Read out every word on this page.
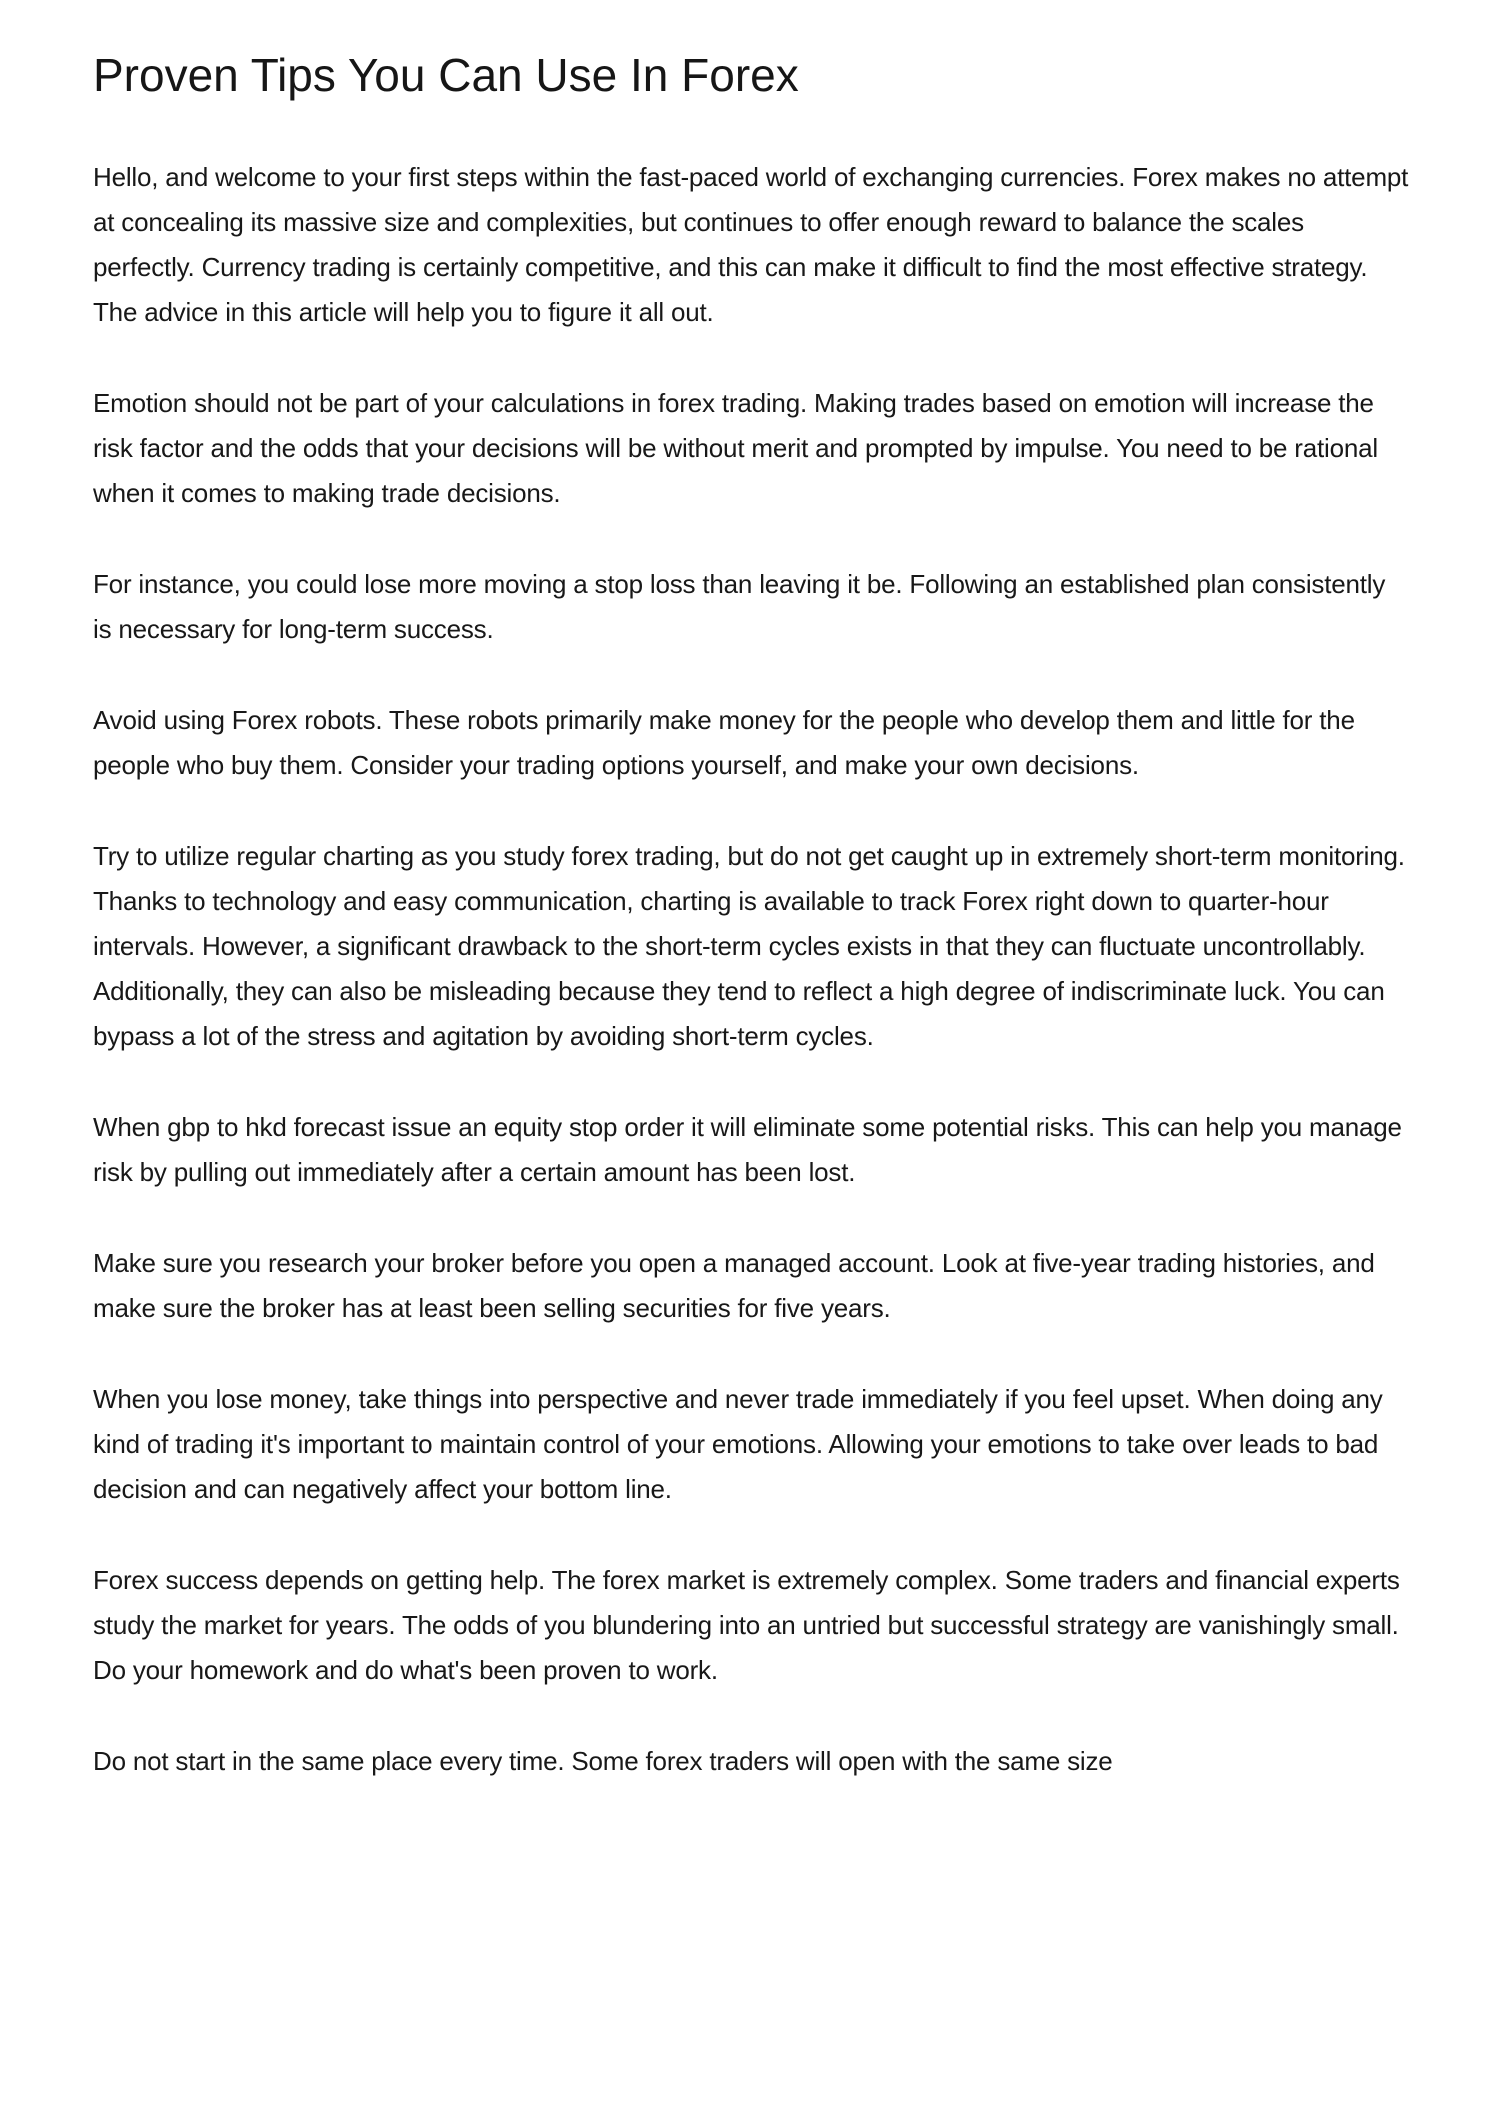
Proven Tips You Can Use In Forex

Hello, and welcome to your first steps within the fast-paced world of exchanging currencies. Forex makes no attempt at concealing its massive size and complexities, but continues to offer enough reward to balance the scales perfectly. Currency trading is certainly competitive, and this can make it difficult to find the most effective strategy. The advice in this article will help you to figure it all out.

Emotion should not be part of your calculations in forex trading. Making trades based on emotion will increase the risk factor and the odds that your decisions will be without merit and prompted by impulse. You need to be rational when it comes to making trade decisions.

For instance, you could lose more moving a stop loss than leaving it be. Following an established plan consistently is necessary for long-term success.

Avoid using Forex robots. These robots primarily make money for the people who develop them and little for the people who buy them. Consider your trading options yourself, and make your own decisions.

Try to utilize regular charting as you study forex trading, but do not get caught up in extremely short-term monitoring. Thanks to technology and easy communication, charting is available to track Forex right down to quarter-hour intervals. However, a significant drawback to the short-term cycles exists in that they can fluctuate uncontrollably. Additionally, they can also be misleading because they tend to reflect a high degree of indiscriminate luck. You can bypass a lot of the stress and agitation by avoiding short-term cycles.

When gbp to hkd forecast issue an equity stop order it will eliminate some potential risks. This can help you manage risk by pulling out immediately after a certain amount has been lost.

Make sure you research your broker before you open a managed account. Look at five-year trading histories, and make sure the broker has at least been selling securities for five years.

When you lose money, take things into perspective and never trade immediately if you feel upset. When doing any kind of trading it's important to maintain control of your emotions. Allowing your emotions to take over leads to bad decision and can negatively affect your bottom line.

Forex success depends on getting help. The forex market is extremely complex. Some traders and financial experts study the market for years. The odds of you blundering into an untried but successful strategy are vanishingly small. Do your homework and do what's been proven to work.

Do not start in the same place every time. Some forex traders will open with the same size
